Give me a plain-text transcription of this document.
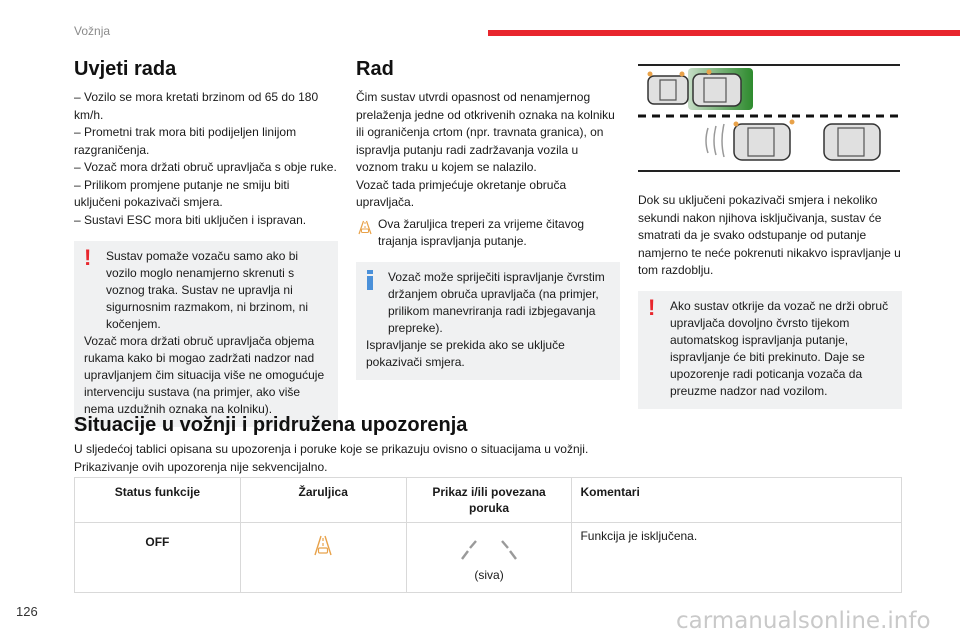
Vožnja
Uvjeti rada

– Vozilo se mora kretati brzinom od 65 do 180 km/h.

– Prometni trak mora biti podijeljen linijom razgraničenja.

– Vozač mora držati obruč upravljača s obje ruke.

– Prilikom promjene putanje ne smiju biti uključeni pokazivači smjera.

– Sustavi ESC mora biti uključen i ispravan.

!	Sustav pomaže vozaču samo ako bi vozilo moglo nenamjerno skrenuti s voznog traka. Sustav ne upravlja ni sigurnosnim razmakom, ni brzinom, ni kočenjem.

Vozač mora držati obruč upravljača objema rukama kako bi mogao zadržati nadzor nad upravljanjem čim situacija više ne omogućuje intervenciju sustava (na primjer, ako više nema uzdužnih oznaka na kolniku).

Rad

Čim sustav utvrdi opasnost od nenamjernog prelaženja jedne od otkrivenih oznaka na kolniku ili ograničenja crtom (npr. travnata granica), on ispravlja putanju radi zadržavanja vozila u voznom traku u kojem se nalazilo.

Vozač tada primjećuje okretanje obruča upravljača.

Ova žaruljica treperi za vrijeme čitavog trajanja ispravljanja putanje.

Vozač može spriječiti ispravljanje čvrstim držanjem obruča upravljača (na primjer, prilikom manevriranja radi izbjegavanja prepreke).

Ispravljanje se prekida ako se uključe pokazivači smjera.

Dok su uključeni pokazivači smjera i nekoliko sekundi nakon njihova isključivanja, sustav će smatrati da je svako odstupanje od putanje namjerno te neće pokrenuti nikakvo ispravljanje u tom razdoblju.
!	Ako sustav otkrije da vozač ne drži obruč upravljača dovoljno čvrsto tijekom automatskog ispravljanja putanje, ispravljanje će biti prekinuto. Daje se upozorenje radi poticanja vozača da preuzme nadzor nad vozilom.

Situacije u vožnji i pridružena upozorenja

U sljedećoj tablici opisana su upozorenja i poruke koje se prikazuju ovisno o situacijama u vožnji.

Prikazivanje ovih upozorenja nije sekvencijalno.

Status funkcije	Žaruljica	Prikaz i/ili povezana poruka	Komentari

OFF		(siva)	Funkcija je isključena.
126	carmanualsonline.info
